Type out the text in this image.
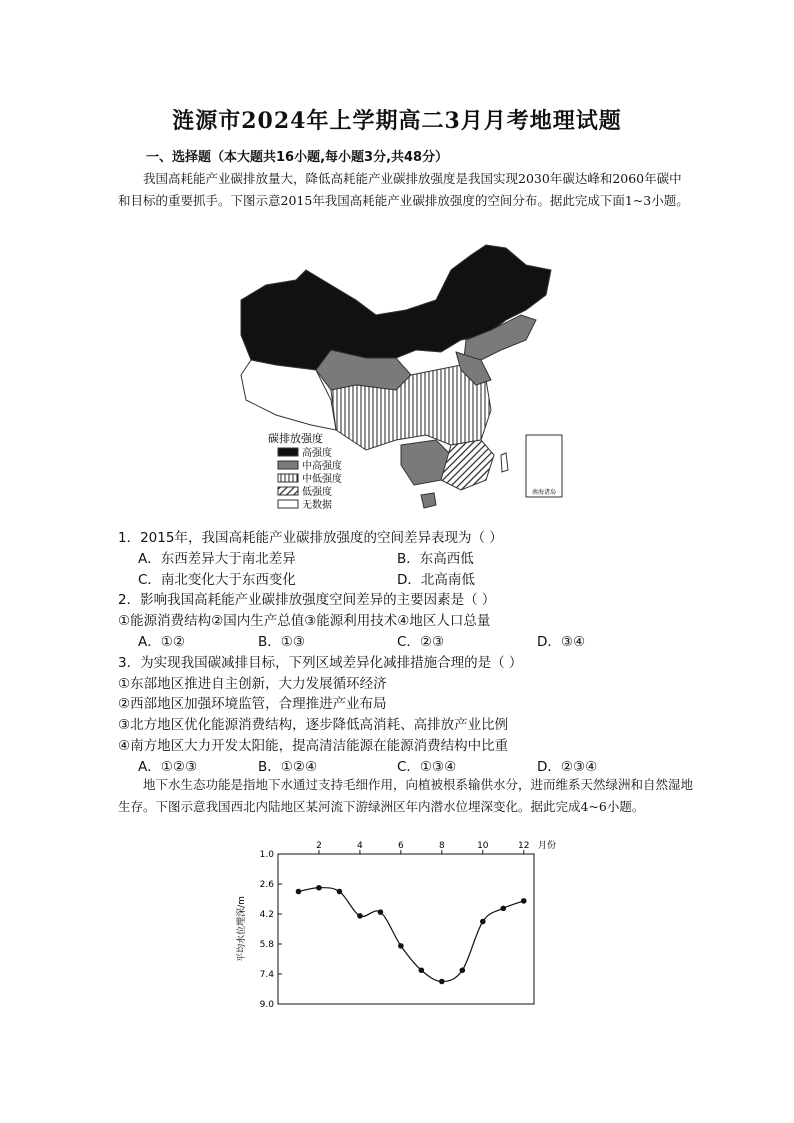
涟源市2024年上学期高二3月月考地理试题
一、选择题（本大题共16小题,每小题3分,共48分）
我国高耗能产业碳排放量大，降低高耗能产业碳排放强度是我国实现2030年碳达峰和2060年碳中和目标的重要抓手。下图示意2015年我国高耗能产业碳排放强度的空间分布。据此完成下面1~3小题。
南海诸岛
碳排放强度
高强度
中高强度
中低强度
低强度
无数据
1．2015年，我国高耗能产业碳排放强度的空间差异表现为（ ）
A．东西差异大于南北差异	B．东高西低
C．南北变化大于东西变化	D．北高南低
2．影响我国高耗能产业碳排放强度空间差异的主要因素是（ ）
①能源消费结构②国内生产总值③能源利用技术④地区人口总量
A．①②	B．①③	C．②③	D．③④
3．为实现我国碳减排目标，下列区域差异化减排措施合理的是（ ）
①东部地区推进自主创新，大力发展循环经济
②西部地区加强环境监管，合理推进产业布局
③北方地区优化能源消费结构，逐步降低高消耗、高排放产业比例
④南方地区大力开发太阳能，提高清洁能源在能源消费结构中比重
A．①②③	B．①②④	C．①③④	D．②③④
地下水生态功能是指地下水通过支持毛细作用，向植被根系输供水分，进而维系天然绿洲和自然湿地生存。下图示意我国西北内陆地区某河流下游绿洲区年内潜水位埋深变化。据此完成4~6小题。
2	4	6	8	10	12 月份
1.0
2.6
4.2
5.8
7.4
9.0
平均水位埋深/m
